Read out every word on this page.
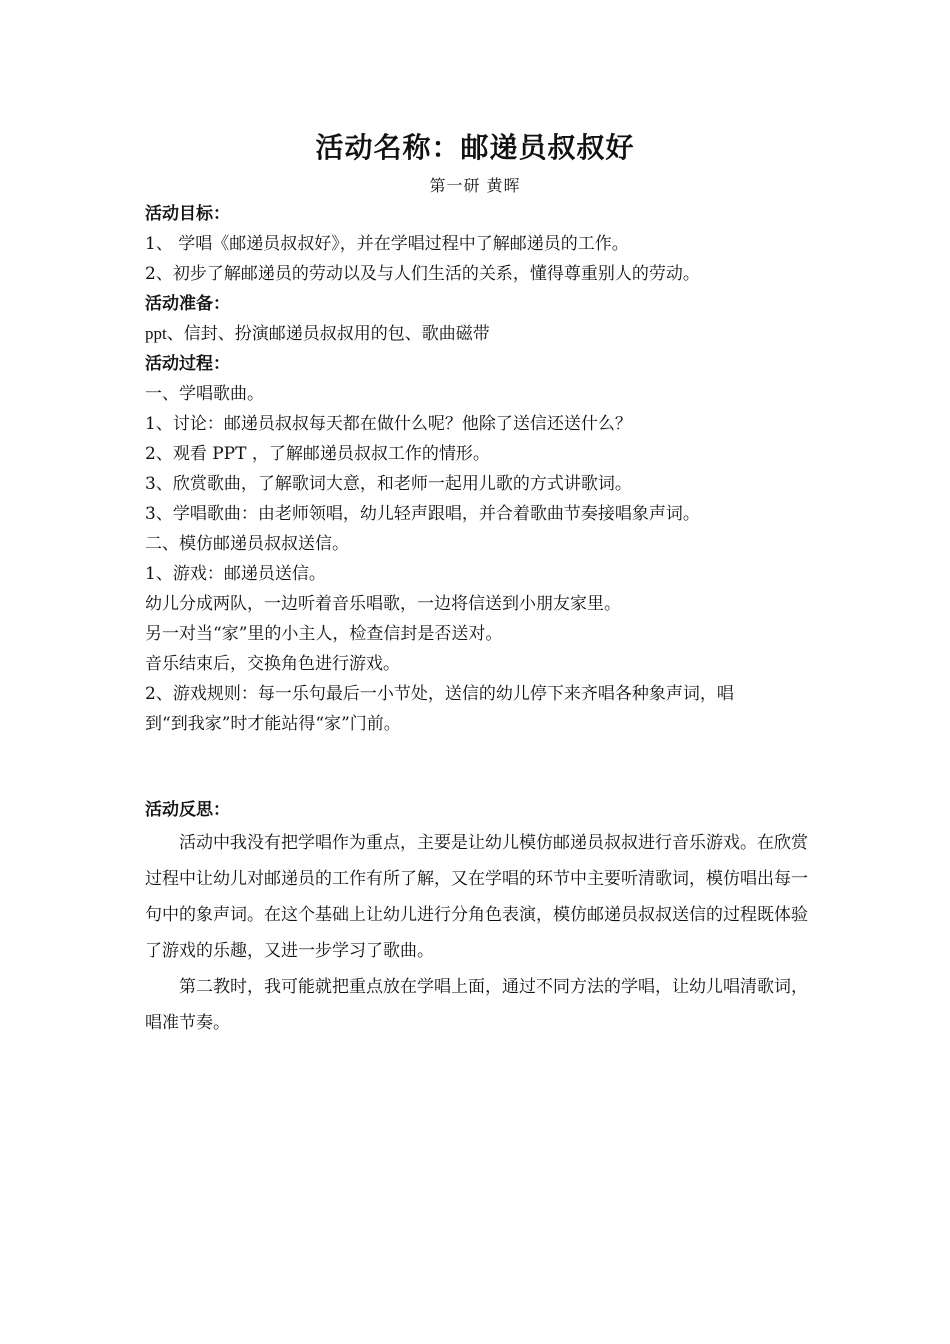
活动名称：邮递员叔叔好
第一研 黄晖
活动目标：
1、 学唱《邮递员叔叔好》，并在学唱过程中了解邮递员的工作。
2、初步了解邮递员的劳动以及与人们生活的关系，懂得尊重别人的劳动。
活动准备：
ppt、信封、扮演邮递员叔叔用的包、歌曲磁带
活动过程：
一、学唱歌曲。
1、讨论：邮递员叔叔每天都在做什么呢？他除了送信还送什么？
2、观看 PPT ，了解邮递员叔叔工作的情形。
3、欣赏歌曲，了解歌词大意，和老师一起用儿歌的方式讲歌词。
3、学唱歌曲：由老师领唱，幼儿轻声跟唱，并合着歌曲节奏接唱象声词。
二、模仿邮递员叔叔送信。
1、游戏：邮递员送信。
幼儿分成两队，一边听着音乐唱歌，一边将信送到小朋友家里。
另一对当“家”里的小主人，检查信封是否送对。
音乐结束后，交换角色进行游戏。
2、游戏规则：每一乐句最后一小节处，送信的幼儿停下来齐唱各种象声词，唱
到“到我家”时才能站得“家”门前。
活动反思：

活动中我没有把学唱作为重点，主要是让幼儿模仿邮递员叔叔进行音乐游戏。在欣赏过程中让幼儿对邮递员的工作有所了解，又在学唱的环节中主要听清歌词，模仿唱出每一句中的象声词。在这个基础上让幼儿进行分角色表演，模仿邮递员叔叔送信的过程既体验了游戏的乐趣，又进一步学习了歌曲。

第二教时，我可能就把重点放在学唱上面，通过不同方法的学唱，让幼儿唱清歌词，唱准节奏。
